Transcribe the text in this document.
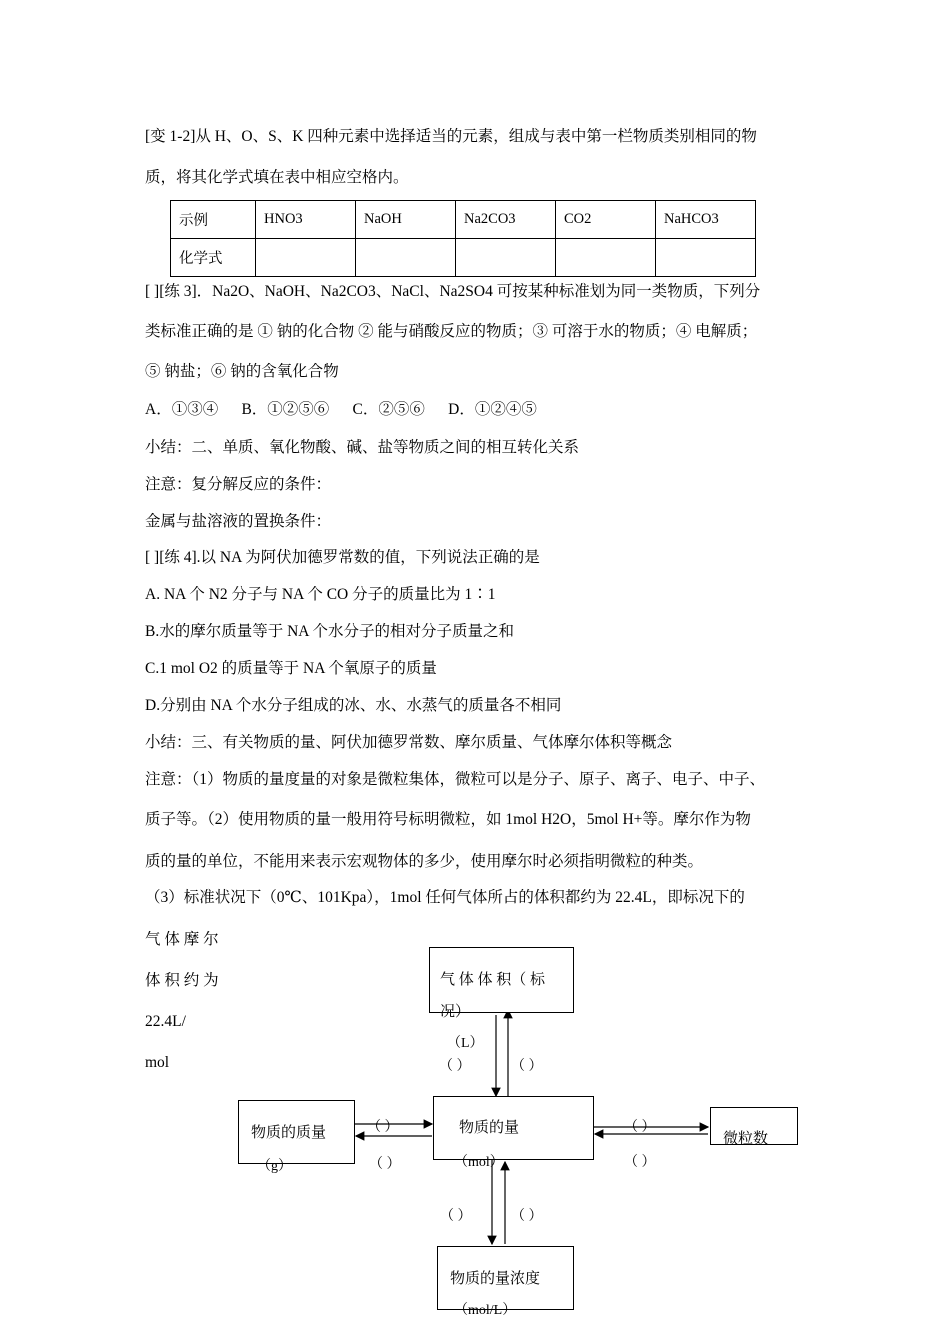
[变 1-2]从 H、O、S、K 四种元素中选择适当的元素，组成与表中第一栏物质类别相同的物
质，将其化学式填在表中相应空格内。
示例	HNO3	NaOH	Na2CO3	CO2	NaHCO3
化学式					
[ ][练 3]．Na2O、NaOH、Na2CO3、NaCl、Na2SO4 可按某种标准划为同一类物质，下列分
类标准正确的是 ① 钠的化合物 ② 能与硝酸反应的物质；③ 可溶于水的物质；④ 电解质；
⑤ 钠盐；⑥ 钠的含氧化合物
A．①③④      B．①②⑤⑥      C．②⑤⑥      D．①②④⑤
小结：二、单质、氧化物酸、碱、盐等物质之间的相互转化关系
注意：复分解反应的条件：
金属与盐溶液的置换条件：
[ ][练 4].以 NA 为阿伏加德罗常数的值，下列说法正确的是
A. NA 个 N2 分子与 NA 个 CO 分子的质量比为 1∶1
B.水的摩尔质量等于 NA 个水分子的相对分子质量之和
C.1 mol O2 的质量等于 NA 个氧原子的质量
D.分别由 NA 个水分子组成的冰、水、水蒸气的质量各不相同
小结：三、有关物质的量、阿伏加德罗常数、摩尔质量、气体摩尔体积等概念
注意：（1）物质的量度量的对象是微粒集体，微粒可以是分子、原子、离子、电子、中子、
质子等。（2）使用物质的量一般用符号标明微粒，如 1mol H2O，5mol H+等。摩尔作为物
质的量的单位，不能用来表示宏观物体的多少，使用摩尔时必须指明微粒的种类。
（3）标准状况下（0℃、101Kpa），1mol 任何气体所占的体积都约为 22.4L，即标况下的
气 体 摩 尔
体 积 约 为
22.4L/
mol
气 体 体 积（ 标
况）
（L）
物质的量
（mol）
物质的质量
（g）
微粒数
物质的量浓度
（mol/L）
（ ）	（ ）
（ ）
（ ）
（ ）
（ ）
（ ）	（ ）
